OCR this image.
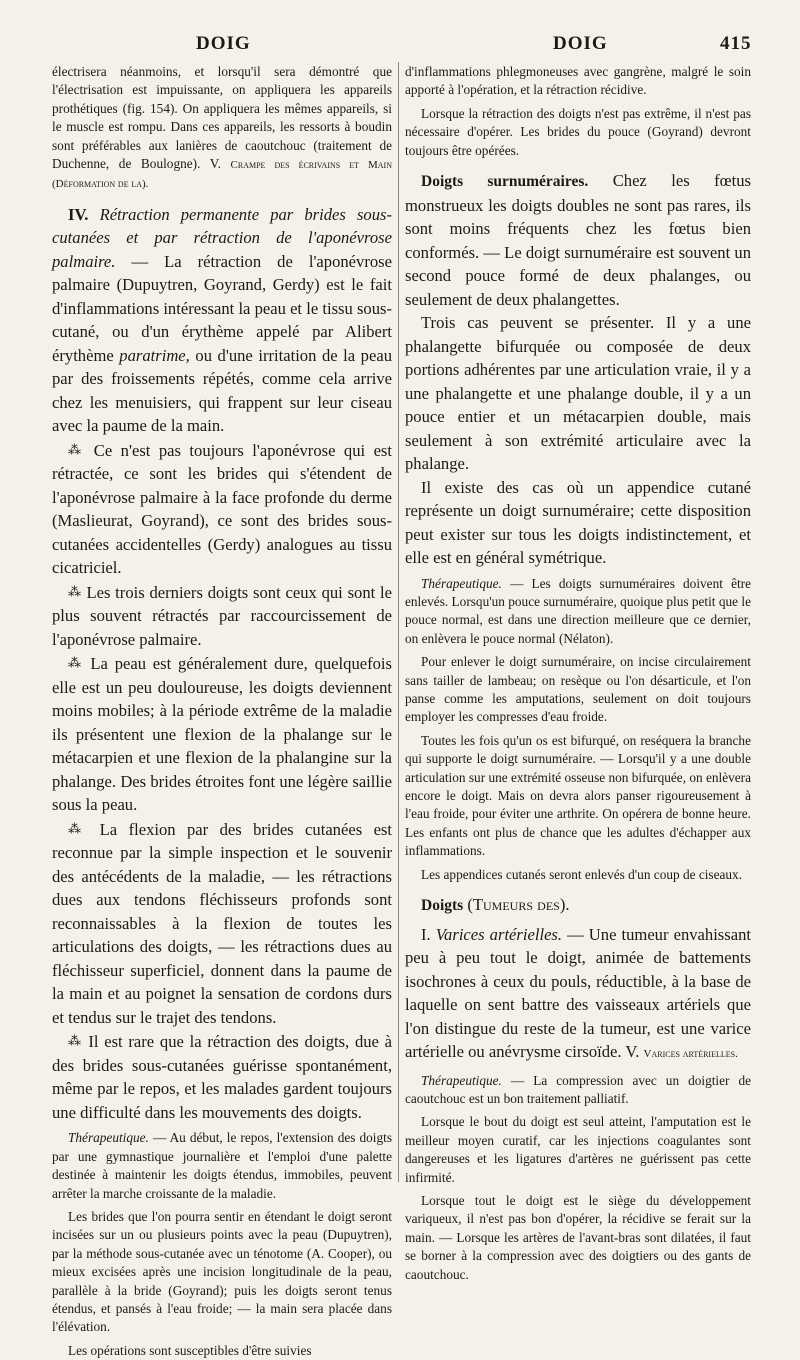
DOIG	DOIG	415

électrisera néanmoins, et lorsqu'il sera démontré que l'électrisation est impuissante, on appliquera les appareils prothétiques (fig. 154). On appliquera les mêmes appareils, si le muscle est rompu. Dans ces appareils, les ressorts à boudin sont préférables aux lanières de caoutchouc (traitement de Duchenne, de Boulogne). V. Crampe des écrivains et Main (Déformation de la).

IV. Rétraction permanente par brides sous-cutanées et par rétraction de l'aponévrose palmaire. — La rétraction de l'aponévrose palmaire (Dupuytren, Goyrand, Gerdy) est le fait d'inflammations intéressant la peau et le tissu sous-cutané, ou d'un érythème appelé par Alibert érythème paratrime, ou d'une irritation de la peau par des froissements répétés, comme cela arrive chez les menuisiers, qui frappent sur leur ciseau avec la paume de la main.

⁂ Ce n'est pas toujours l'aponévrose qui est rétractée, ce sont les brides qui s'étendent de l'aponévrose palmaire à la face profonde du derme (Maslieurat, Goyrand), ce sont des brides sous-cutanées accidentelles (Gerdy) analogues au tissu cicatriciel.

⁂ Les trois derniers doigts sont ceux qui sont le plus souvent rétractés par raccourcissement de l'aponévrose palmaire.

⁂ La peau est généralement dure, quelquefois elle est un peu douloureuse, les doigts deviennent moins mobiles; à la période extrême de la maladie ils présentent une flexion de la phalange sur le métacarpien et une flexion de la phalangine sur la phalange. Des brides étroites font une légère saillie sous la peau.

⁂ La flexion par des brides cutanées est reconnue par la simple inspection et le souvenir des antécédents de la maladie, — les rétractions dues aux tendons fléchisseurs profonds sont reconnaissables à la flexion de toutes les articulations des doigts, — les rétractions dues au fléchisseur superficiel, donnent dans la paume de la main et au poignet la sensation de cordons durs et tendus sur le trajet des tendons.

⁂ Il est rare que la rétraction des doigts, due à des brides sous-cutanées guérisse spontanément, même par le repos, et les malades gardent toujours une difficulté dans les mouvements des doigts.

Thérapeutique. — Au début, le repos, l'extension des doigts par une gymnastique journalière et l'emploi d'une palette destinée à maintenir les doigts étendus, immobiles, peuvent arrêter la marche croissante de la maladie.

Les brides que l'on pourra sentir en étendant le doigt seront incisées sur un ou plusieurs points avec la peau (Dupuytren), par la méthode sous-cutanée avec un ténotome (A. Cooper), ou mieux excisées après une incision longitudinale de la peau, parallèle à la bride (Goyrand); puis les doigts seront tenus étendus, et pansés à l'eau froide; — la main sera placée dans l'élévation.

Les opérations sont susceptibles d'être suivies

d'inflammations phlegmoneuses avec gangrène, malgré le soin apporté à l'opération, et la rétraction récidive.

Lorsque la rétraction des doigts n'est pas extrême, il n'est pas nécessaire d'opérer. Les brides du pouce (Goyrand) devront toujours être opérées.

Doigts surnuméraires. Chez les fœtus monstrueux les doigts doubles ne sont pas rares, ils sont moins fréquents chez les fœtus bien conformés. — Le doigt surnuméraire est souvent un second pouce formé de deux phalanges, ou seulement de deux phalangettes.

Trois cas peuvent se présenter. Il y a une phalangette bifurquée ou composée de deux portions adhérentes par une articulation vraie, il y a une phalangette et une phalange double, il y a un pouce entier et un métacarpien double, mais seulement à son extrémité articulaire avec la phalange.

Il existe des cas où un appendice cutané représente un doigt surnuméraire; cette disposition peut exister sur tous les doigts indistinctement, et elle est en général symétrique.

Thérapeutique. — Les doigts surnuméraires doivent être enlevés. Lorsqu'un pouce surnuméraire, quoique plus petit que le pouce normal, est dans une direction meilleure que ce dernier, on enlèvera le pouce normal (Nélaton).

Pour enlever le doigt surnuméraire, on incise circulairement sans tailler de lambeau; on resèque ou l'on désarticule, et l'on panse comme les amputations, seulement on doit toujours employer les compresses d'eau froide.

Toutes les fois qu'un os est bifurqué, on reséquera la branche qui supporte le doigt surnuméraire. — Lorsqu'il y a une double articulation sur une extrémité osseuse non bifurquée, on enlèvera encore le doigt. Mais on devra alors panser rigoureusement à l'eau froide, pour éviter une arthrite. On opérera de bonne heure. Les enfants ont plus de chance que les adultes d'échapper aux inflammations.

Les appendices cutanés seront enlevés d'un coup de ciseaux.

Doigts (Tumeurs des).

I. Varices artérielles. — Une tumeur envahissant peu à peu tout le doigt, animée de battements isochrones à ceux du pouls, réductible, à la base de laquelle on sent battre des vaisseaux artériels que l'on distingue du reste de la tumeur, est une varice artérielle ou anévrysme cirsoïde. V. Varices artérielles.

Thérapeutique. — La compression avec un doigtier de caoutchouc est un bon traitement palliatif.

Lorsque le bout du doigt est seul atteint, l'amputation est le meilleur moyen curatif, car les injections coagulantes sont dangereuses et les ligatures d'artères ne guérissent pas cette infirmité.

Lorsque tout le doigt est le siège du développement variqueux, il n'est pas bon d'opérer, la récidive se ferait sur la main. — Lorsque les artères de l'avant-bras sont dilatées, il faut se borner à la compression avec des doigtiers ou des gants de caoutchouc.
